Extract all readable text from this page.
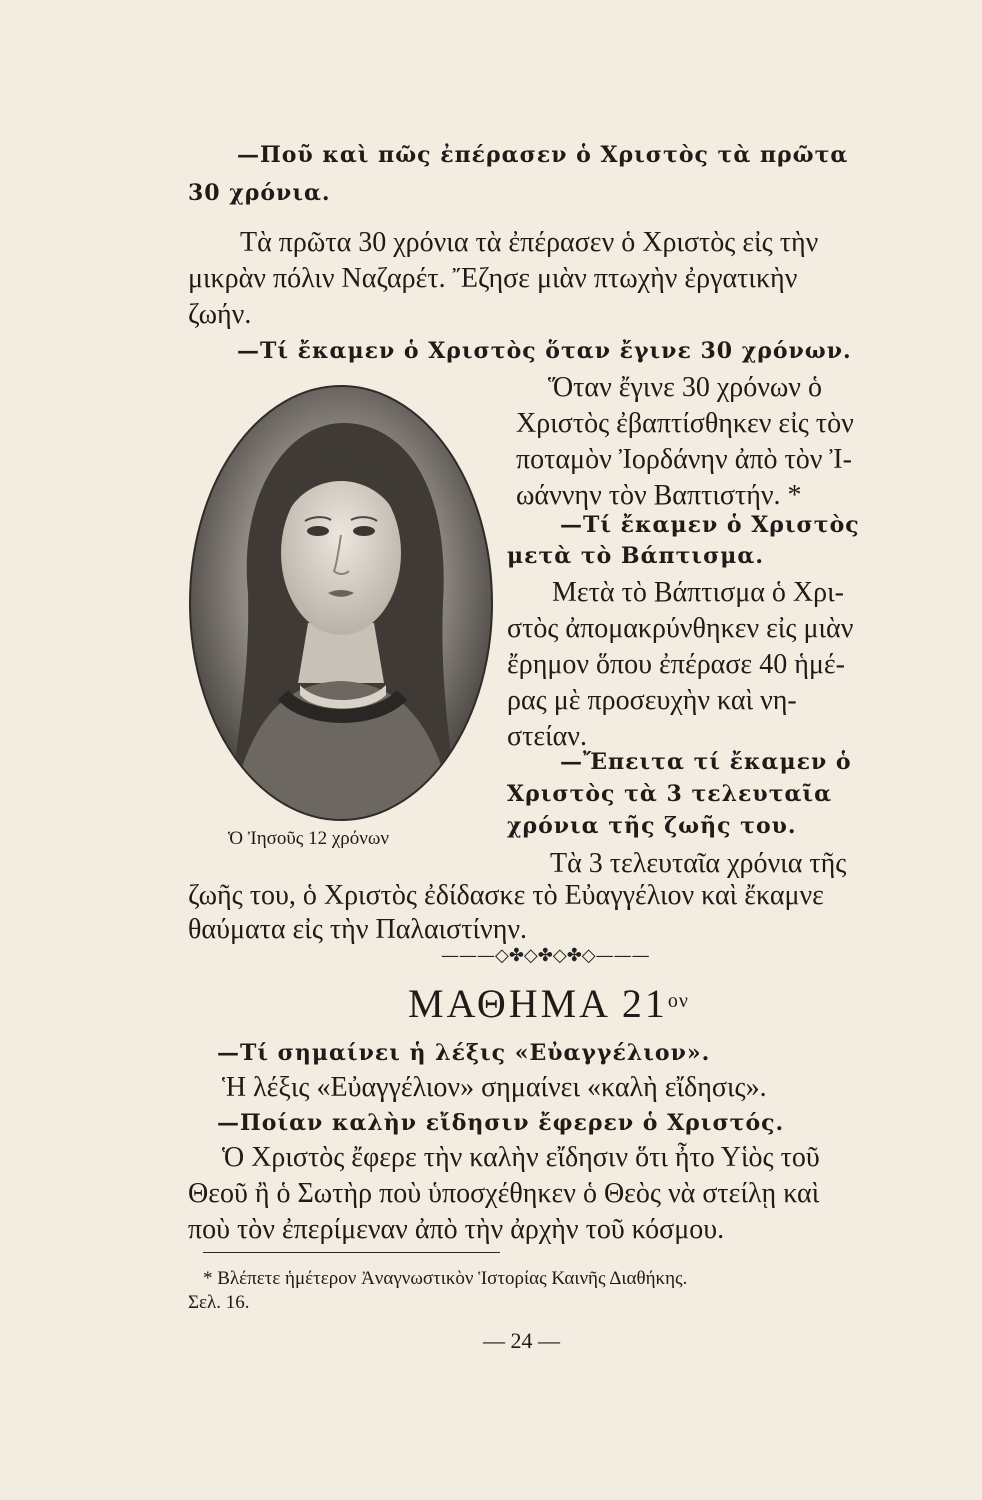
—Ποῦ καὶ πῶς ἐπέρασεν ὁ Χριστὸς τὰ πρῶτα
30 χρόνια.
Τὰ πρῶτα 30 χρόνια τὰ ἐπέρασεν ὁ Χριστὸς εἰς τὴν
μικρὰν πόλιν Ναζαρέτ. Ἔζησε μιὰν πτωχὴν ἐργατικὴν
ζωήν.
—Τί ἔκαμεν ὁ Χριστὸς ὅταν ἔγινε 30 χρόνων.
Ὅταν ἔγινε 30 χρόνων ὁ
Χριστὸς ἐβαπτίσθηκεν εἰς τὸν
ποταμὸν Ἰορδάνην ἀπὸ τὸν Ἰ-
ωάννην τὸν Βαπτιστήν. *
—Τί ἔκαμεν ὁ Χριστὸς
μετὰ τὸ Βάπτισμα.
Μετὰ τὸ Βάπτισμα ὁ Χρι-
στὸς ἀπομακρύνθηκεν εἰς μιὰν
ἔρημον ὅπου ἐπέρασε 40 ἡμέ-
ρας μὲ προσευχὴν καὶ νη-
στείαν.
—Ἔπειτα τί ἔκαμεν ὁ
Χριστὸς τὰ 3 τελευταῖα
χρόνια τῆς ζωῆς του.
Ὁ Ἰησοῦς 12 χρόνων
Τὰ 3 τελευταῖα χρόνια τῆς
ζωῆς του, ὁ Χριστὸς ἐδίδασκε τὸ Εὐαγγέλιον καὶ ἔκαμνε
θαύματα εἰς τὴν Παλαιστίνην.
———◇✤◇✤◇✤◇———
ΜΑΘΗΜΑ $21^{o\nu}$
—Τί σημαίνει ἡ λέξις «Εὐαγγέλιον».
Ἡ λέξις «Εὐαγγέλιον» σημαίνει «καλὴ εἴδησις».
—Ποίαν καλὴν εἴδησιν ἔφερεν ὁ Χριστός.
Ὁ Χριστὸς ἔφερε τὴν καλὴν εἴδησιν ὅτι ἦτο Υἱὸς τοῦ
Θεοῦ ἢ ὁ Σωτὴρ ποὺ ὑποσχέθηκεν ὁ Θεὸς νὰ στείλῃ καὶ
ποὺ τὸν ἐπερίμεναν ἀπὸ τὴν ἀρχὴν τοῦ κόσμου.
* Βλέπετε ἡμέτερον Ἀναγνωστικὸν Ἱστορίας Καινῆς Διαθήκης.
Σελ. 16.
— 24 —
